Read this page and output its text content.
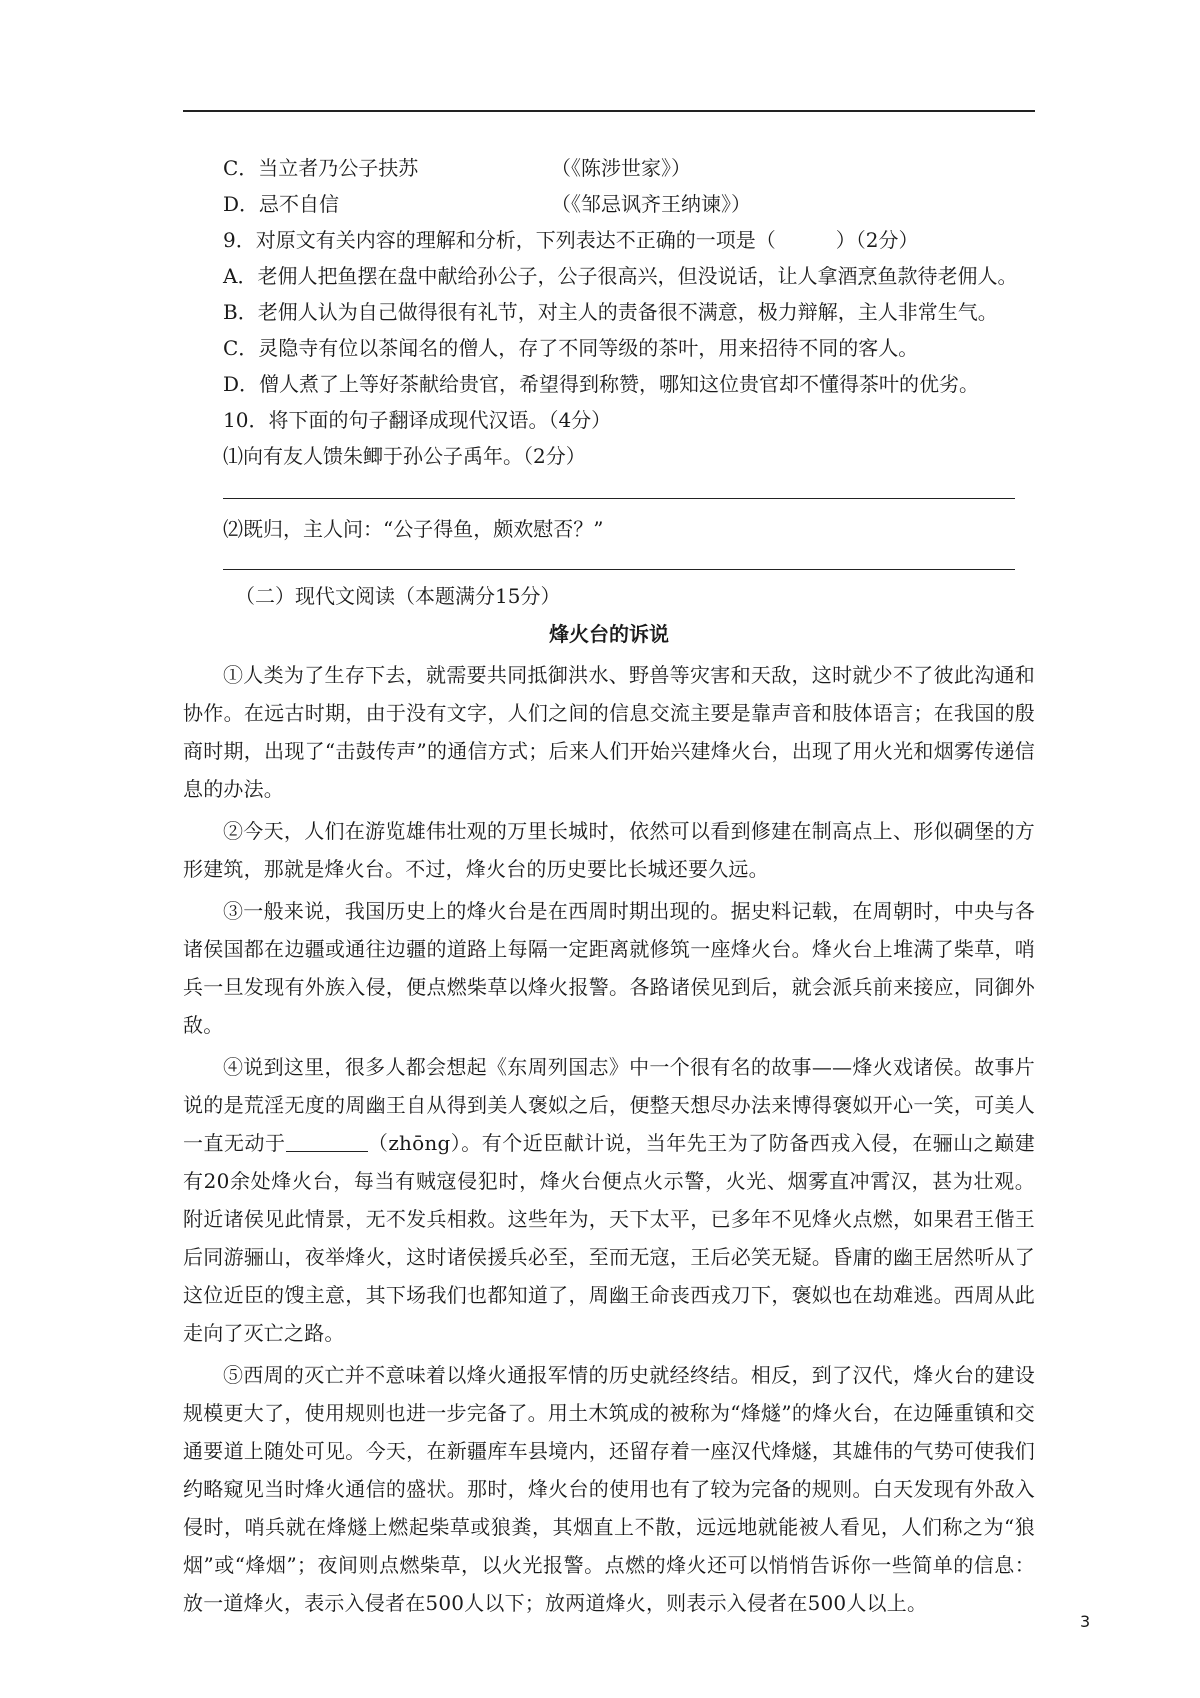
C．当立者乃公子扶苏	（《陈涉世家》）
D．忌不自信	（《邹忌讽齐王纳谏》）
9．对原文有关内容的理解和分析，下列表达不正确的一项是（　　　）（2分）
A．老佣人把鱼摆在盘中献给孙公子，公子很高兴，但没说话，让人拿酒烹鱼款待老佣人。
B．老佣人认为自己做得很有礼节，对主人的责备很不满意，极力辩解，主人非常生气。
C．灵隐寺有位以茶闻名的僧人，存了不同等级的茶叶，用来招待不同的客人。
D．僧人煮了上等好茶献给贵官，希望得到称赞，哪知这位贵官却不懂得茶叶的优劣。
10．将下面的句子翻译成现代汉语。（4分）
⑴向有友人馈朱鲫于孙公子禹年。（2分）
⑵既归，主人问：“公子得鱼，颇欢慰否？”
（二）现代文阅读（本题满分15分）
烽火台的诉说

①人类为了生存下去，就需要共同抵御洪水、野兽等灾害和天敌，这时就少不了彼此沟通和协作。在远古时期，由于没有文字，人们之间的信息交流主要是靠声音和肢体语言；在我国的殷商时期，出现了“击鼓传声”的通信方式；后来人们开始兴建烽火台，出现了用火光和烟雾传递信息的办法。

②今天，人们在游览雄伟壮观的万里长城时，依然可以看到修建在制高点上、形似碉堡的方形建筑，那就是烽火台。不过，烽火台的历史要比长城还要久远。

③一般来说，我国历史上的烽火台是在西周时期出现的。据史料记载，在周朝时，中央与各诸侯国都在边疆或通往边疆的道路上每隔一定距离就修筑一座烽火台。烽火台上堆满了柴草，哨兵一旦发现有外族入侵，便点燃柴草以烽火报警。各路诸侯见到后，就会派兵前来接应，同御外敌。

④说到这里，很多人都会想起《东周列国志》中一个很有名的故事——烽火戏诸侯。故事片说的是荒淫无度的周幽王自从得到美人褒姒之后，便整天想尽办法来博得褒姒开心一笑，可美人一直无动于	（zhōng）。有个近臣献计说，当年先王为了防备西戎入侵，在骊山之巅建有20余处烽火台，每当有贼寇侵犯时，烽火台便点火示警，火光、烟雾直冲霄汉，甚为壮观。附近诸侯见此情景，无不发兵相救。这些年为，天下太平，已多年不见烽火点燃，如果君王偕王后同游骊山，夜举烽火，这时诸侯援兵必至，至而无寇，王后必笑无疑。昏庸的幽王居然听从了这位近臣的馊主意，其下场我们也都知道了，周幽王命丧西戎刀下，褒姒也在劫难逃。西周从此走向了灭亡之路。

⑤西周的灭亡并不意味着以烽火通报军情的历史就经终结。相反，到了汉代，烽火台的建设规模更大了，使用规则也进一步完备了。用土木筑成的被称为“烽燧”的烽火台，在边陲重镇和交通要道上随处可见。今天，在新疆库车县境内，还留存着一座汉代烽燧，其雄伟的气势可使我们约略窥见当时烽火通信的盛状。那时，烽火台的使用也有了较为完备的规则。白天发现有外敌入侵时，哨兵就在烽燧上燃起柴草或狼粪，其烟直上不散，远远地就能被人看见，人们称之为“狼烟”或“烽烟”；夜间则点燃柴草，以火光报警。点燃的烽火还可以悄悄告诉你一些简单的信息：放一道烽火，表示入侵者在500人以下；放两道烽火，则表示入侵者在500人以上。

3
